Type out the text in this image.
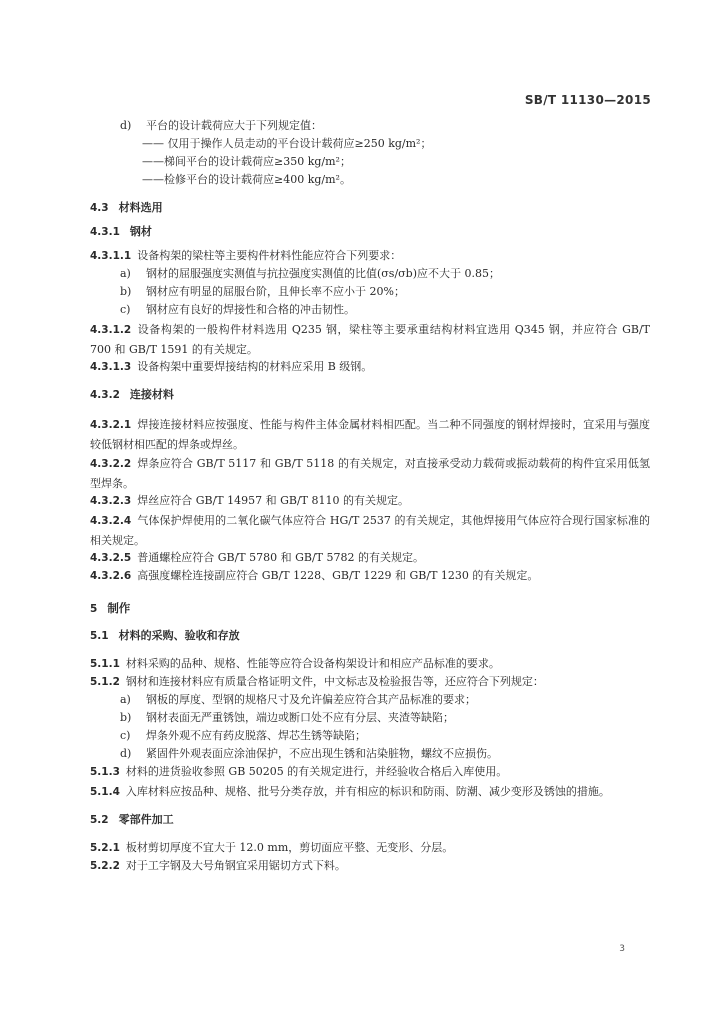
SB/T 11130—2015
d) 平台的设计载荷应大于下列规定值：
—— 仅用于操作人员走动的平台设计载荷应≥250 kg/m²；
——梯间平台的设计载荷应≥350 kg/m²；
——检修平台的设计载荷应≥400 kg/m²。
4.3 材料选用
4.3.1 钢材
4.3.1.1 设备构架的梁柱等主要构件材料性能应符合下列要求：
a) 钢材的屈服强度实测值与抗拉强度实测值的比值(σs/σb)应不大于 0.85；
b) 钢材应有明显的屈服台阶，且伸长率不应小于 20%；
c) 钢材应有良好的焊接性和合格的冲击韧性。
4.3.1.2 设备构架的一般构件材料选用 Q235 钢，梁柱等主要承重结构材料宜选用 Q345 钢，并应符合 GB/T 700 和 GB/T 1591 的有关规定。
4.3.1.3 设备构架中重要焊接结构的材料应采用 B 级钢。
4.3.2 连接材料
4.3.2.1 焊接连接材料应按强度、性能与构件主体金属材料相匹配。当二种不同强度的钢材焊接时，宜采用与强度较低钢材相匹配的焊条或焊丝。
4.3.2.2 焊条应符合 GB/T 5117 和 GB/T 5118 的有关规定，对直接承受动力载荷或振动载荷的构件宜采用低氢型焊条。
4.3.2.3 焊丝应符合 GB/T 14957 和 GB/T 8110 的有关规定。
4.3.2.4 气体保护焊使用的二氧化碳气体应符合 HG/T 2537 的有关规定，其他焊接用气体应符合现行国家标准的相关规定。
4.3.2.5 普通螺栓应符合 GB/T 5780 和 GB/T 5782 的有关规定。
4.3.2.6 高强度螺栓连接副应符合 GB/T 1228、GB/T 1229 和 GB/T 1230 的有关规定。
5 制作
5.1 材料的采购、验收和存放
5.1.1 材料采购的品种、规格、性能等应符合设备构架设计和相应产品标准的要求。
5.1.2 钢材和连接材料应有质量合格证明文件，中文标志及检验报告等，还应符合下列规定：
a) 钢板的厚度、型钢的规格尺寸及允许偏差应符合其产品标准的要求；
b) 钢材表面无严重锈蚀，端边或断口处不应有分层、夹渣等缺陷；
c) 焊条外观不应有药皮脱落、焊芯生锈等缺陷；
d) 紧固件外观表面应涂油保护，不应出现生锈和沾染脏物，螺纹不应损伤。
5.1.3 材料的进货验收参照 GB 50205 的有关规定进行，并经验收合格后入库使用。
5.1.4 入库材料应按品种、规格、批号分类存放，并有相应的标识和防雨、防潮、减少变形及锈蚀的措施。
5.2 零部件加工
5.2.1 板材剪切厚度不宜大于 12.0 mm，剪切面应平整、无变形、分层。
5.2.2 对于工字钢及大号角钢宜采用锯切方式下料。
3
